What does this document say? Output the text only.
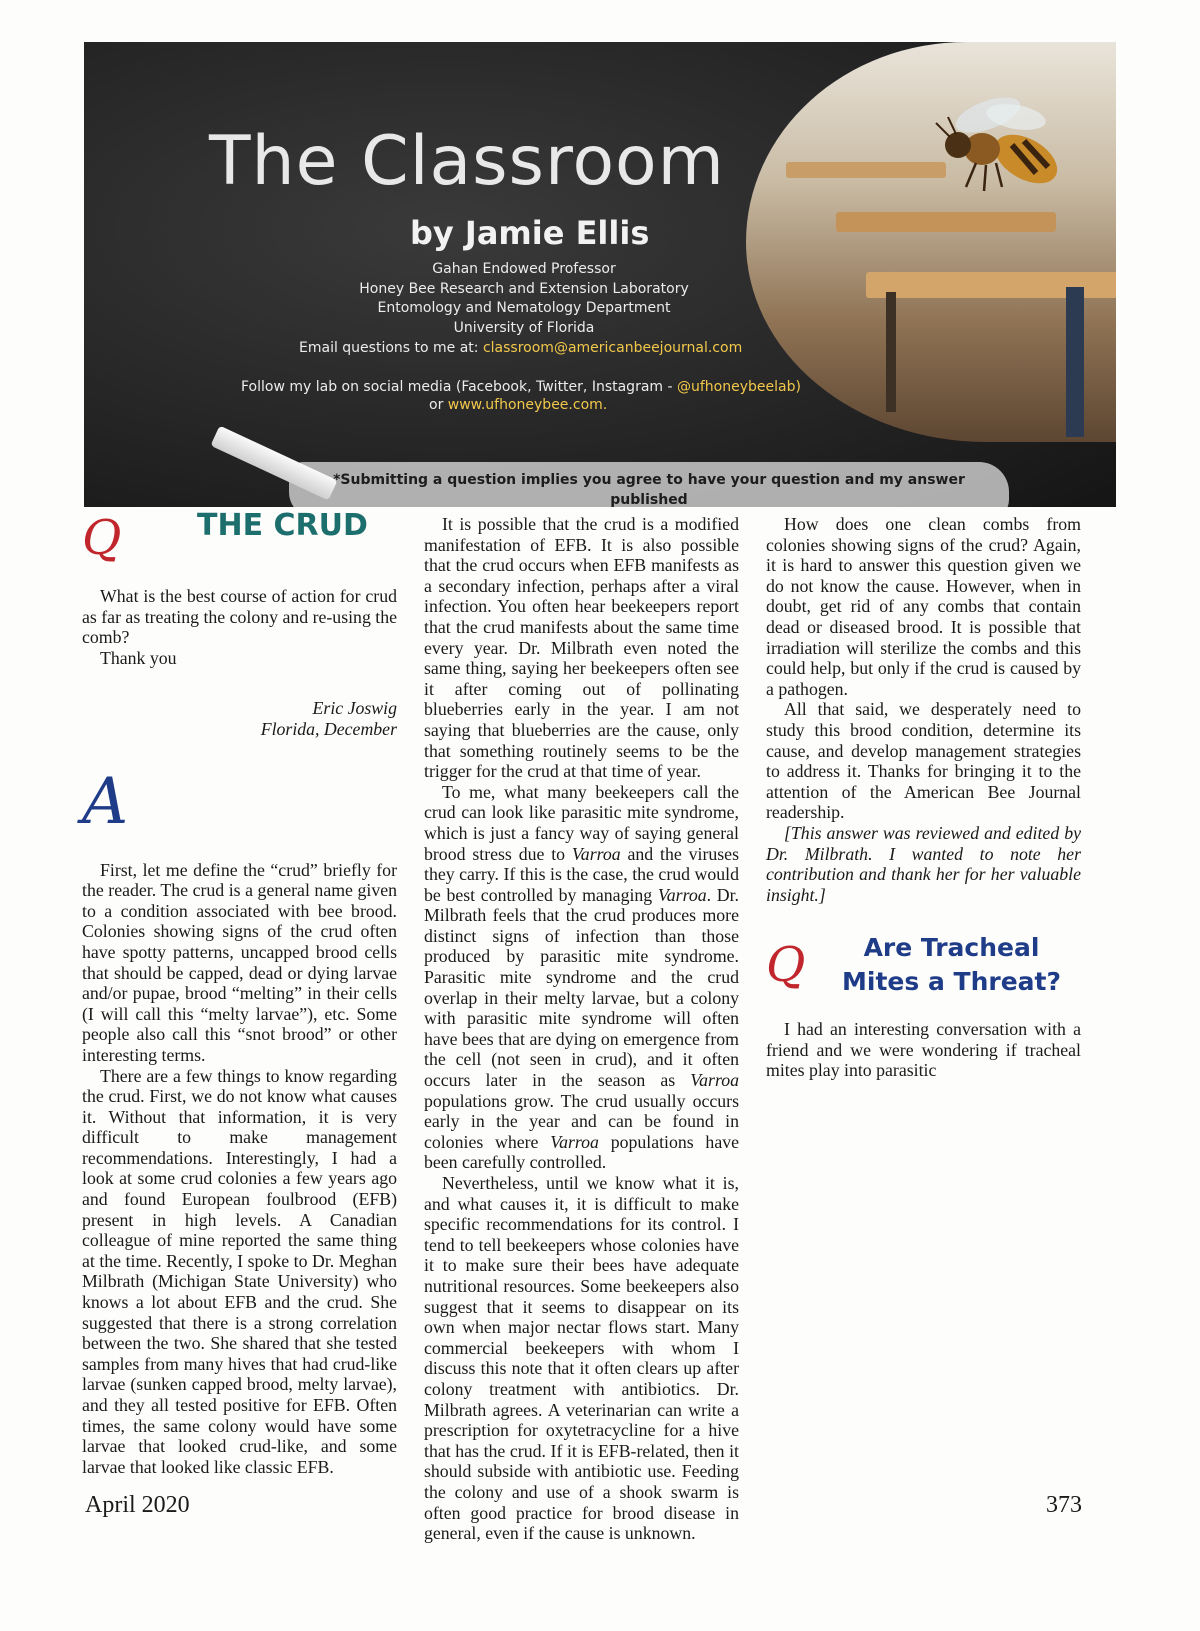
The Classroom
by Jamie Ellis
Gahan Endowed Professor
Honey Bee Research and Extension Laboratory
Entomology and Nematology Department
University of Florida
Email questions to me at: classroom@americanbeejournal.com
Follow my lab on social media (Facebook, Twitter, Instagram - @ufhoneybeelab)
or www.ufhoneybee.com.
*Submitting a question implies you agree to have your question and my answer published
Q	THE CRUD

What is the best course of action for crud as far as treating the colony and re-using the comb?

Thank you

Eric Joswig
Florida, December
A

First, let me define the “crud” briefly for the reader. The crud is a general name given to a condition associated with bee brood. Colonies showing signs of the crud often have spotty patterns, uncapped brood cells that should be capped, dead or dying larvae and/or pupae, brood “melting” in their cells (I will call this “melty larvae”), etc. Some people also call this “snot brood” or other interesting terms.

There are a few things to know regarding the crud. First, we do not know what causes it. Without that information, it is very difficult to make management recommendations. Interestingly, I had a look at some crud colonies a few years ago and found European foulbrood (EFB) present in high levels. A Canadian colleague of mine reported the same thing at the time. Recently, I spoke to Dr. Meghan Milbrath (Michigan State University) who knows a lot about EFB and the crud. She suggested that there is a strong correlation between the two. She shared that she tested samples from many hives that had crud-like larvae (sunken capped brood, melty larvae), and they all tested positive for EFB. Often times, the same colony would have some larvae that looked crud-like, and some larvae that looked like classic EFB.

It is possible that the crud is a modified manifestation of EFB. It is also possible that the crud occurs when EFB manifests as a secondary infection, perhaps after a viral infection. You often hear beekeepers report that the crud manifests about the same time every year. Dr. Milbrath even noted the same thing, saying her beekeepers often see it after coming out of pollinating blueberries early in the year. I am not saying that blueberries are the cause, only that something routinely seems to be the trigger for the crud at that time of year.

To me, what many beekeepers call the crud can look like parasitic mite syndrome, which is just a fancy way of saying general brood stress due to Varroa and the viruses they carry. If this is the case, the crud would be best controlled by managing Varroa. Dr. Milbrath feels that the crud produces more distinct signs of infection than those produced by parasitic mite syndrome. Parasitic mite syndrome and the crud overlap in their melty larvae, but a colony with parasitic mite syndrome will often have bees that are dying on emergence from the cell (not seen in crud), and it often occurs later in the season as Varroa populations grow. The crud usually occurs early in the year and can be found in colonies where Varroa populations have been carefully controlled.

Nevertheless, until we know what it is, and what causes it, it is difficult to make specific recommendations for its control. I tend to tell beekeepers whose colonies have it to make sure their bees have adequate nutritional resources. Some beekeepers also suggest that it seems to disappear on its own when major nectar flows start. Many commercial beekeepers with whom I discuss this note that it often clears up after colony treatment with antibiotics. Dr. Milbrath agrees. A veterinarian can write a prescription for oxytetracycline for a hive that has the crud. If it is EFB-related, then it should subside with antibiotic use. Feeding the colony and use of a shook swarm is often good practice for brood disease in general, even if the cause is unknown.

How does one clean combs from colonies showing signs of the crud? Again, it is hard to answer this question given we do not know the cause. However, when in doubt, get rid of any combs that contain dead or diseased brood. It is possible that irradiation will sterilize the combs and this could help, but only if the crud is caused by a pathogen.

All that said, we desperately need to study this brood condition, determine its cause, and develop management strategies to address it. Thanks for bringing it to the attention of the American Bee Journal readership.

[This answer was reviewed and edited by Dr. Milbrath. I wanted to note her contribution and thank her for her valuable insight.]

Q	Are Tracheal
Mites a Threat?

I had an interesting conversation with a friend and we were wondering if tracheal mites play into parasitic

April 2020	373
